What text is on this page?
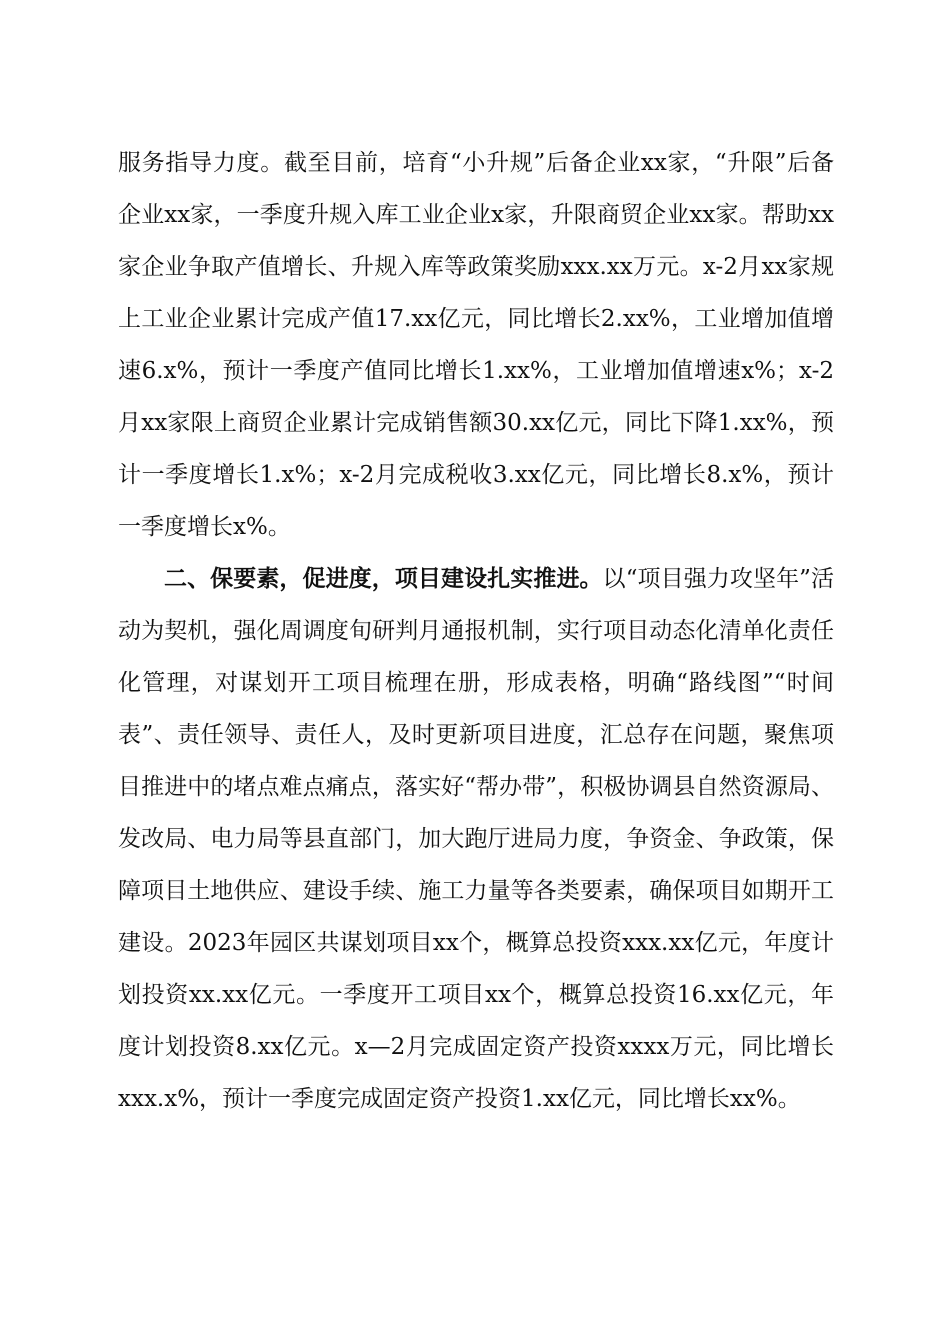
服务指导力度。截至目前，培育“小升规”后备企业xx家，“升限”后备企业xx家，一季度升规入库工业企业x家，升限商贸企业xx家。帮助xx家企业争取产值增长、升规入库等政策奖励xxx.xx万元。x-2月xx家规上工业企业累计完成产值17.xx亿元，同比增长2.xx%，工业增加值增速6.x%，预计一季度产值同比增长1.xx%，工业增加值增速x%；x-2月xx家限上商贸企业累计完成销售额30.xx亿元，同比下降1.xx%，预计一季度增长1.x%；x-2月完成税收3.xx亿元，同比增长8.x%，预计一季度增长x%。

二、保要素，促进度，项目建设扎实推进。以“项目强力攻坚年”活动为契机，强化周调度旬研判月通报机制，实行项目动态化清单化责任化管理，对谋划开工项目梳理在册，形成表格，明确“路线图”“时间表”、责任领导、责任人，及时更新项目进度，汇总存在问题，聚焦项目推进中的堵点难点痛点，落实好“帮办带”，积极协调县自然资源局、发改局、电力局等县直部门，加大跑厅进局力度，争资金、争政策，保障项目土地供应、建设手续、施工力量等各类要素，确保项目如期开工建设。2023年园区共谋划项目xx个，概算总投资xxx.xx亿元，年度计划投资xx.xx亿元。一季度开工项目xx个，概算总投资16.xx亿元，年度计划投资8.xx亿元。x—2月完成固定资产投资xxxx万元，同比增长xxx.x%，预计一季度完成固定资产投资1.xx亿元，同比增长xx%。
